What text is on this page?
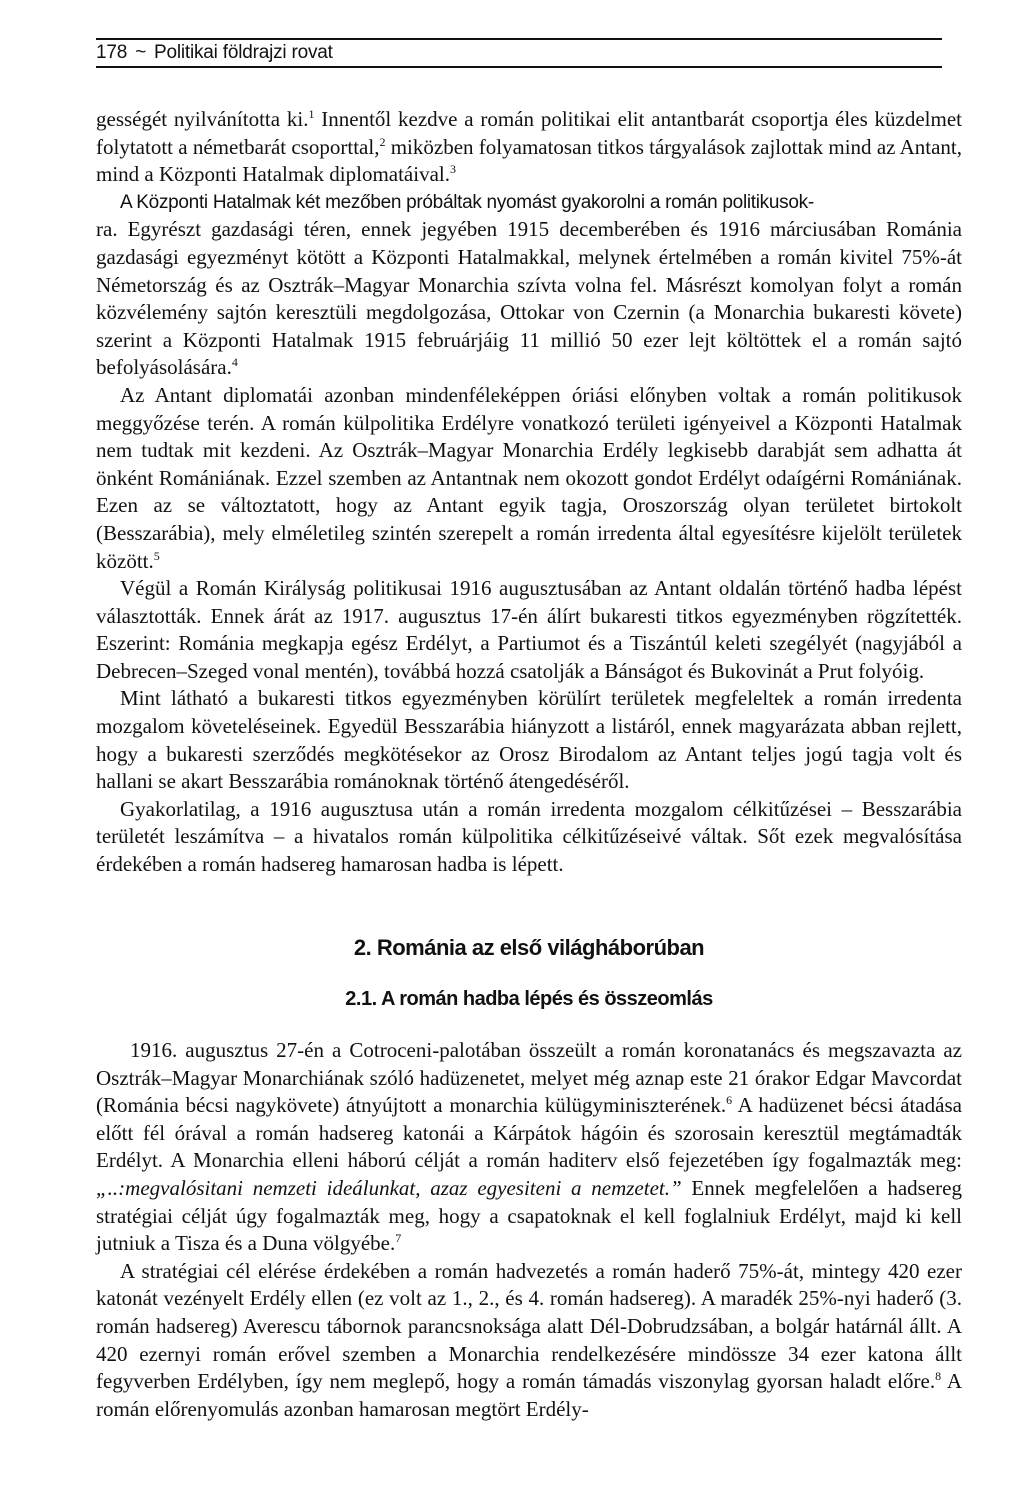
178 ~ Politikai földrajzi rovat

gességét nyilvánította ki.$^1$ Innentől kezdve a román politikai elit antantbarát csoportja éles küzdelmet folytatott a németbarát csoporttal,$^2$ miközben folyamatosan titkos tárgyalások zajlottak mind az Antant, mind a Központi Hatalmak diplomatáival.$^3$

A Központi Hatalmak két mezőben próbáltak nyomást gyakorolni a román politikusok-

ra. Egyrészt gazdasági téren, ennek jegyében 1915 decemberében és 1916 márciusában Románia gazdasági egyezményt kötött a Központi Hatalmakkal, melynek értelmében a román kivitel 75%-át Németország és az Osztrák–Magyar Monarchia szívta volna fel. Másrészt komolyan folyt a román közvélemény sajtón keresztüli megdolgozása, Ottokar von Czernin (a Monarchia bukaresti követe) szerint a Központi Hatalmak 1915 februárjáig 11 millió 50 ezer lejt költöttek el a román sajtó befolyásolására.$^4$

Az Antant diplomatái azonban mindenféleképpen óriási előnyben voltak a román politikusok meggyőzése terén. A román külpolitika Erdélyre vonatkozó területi igényeivel a Központi Hatalmak nem tudtak mit kezdeni. Az Osztrák–Magyar Monarchia Erdély legkisebb darabját sem adhatta át önként Romániának. Ezzel szemben az Antantnak nem okozott gondot Erdélyt odaígérni Romániának. Ezen az se változtatott, hogy az Antant egyik tagja, Oroszország olyan területet birtokolt (Besszarábia), mely elméletileg szintén szerepelt a román irredenta által egyesítésre kijelölt területek között.$^5$

Végül a Román Királyság politikusai 1916 augusztusában az Antant oldalán történő hadba lépést választották. Ennek árát az 1917. augusztus 17-én álírt bukaresti titkos egyezményben rögzítették. Eszerint: Románia megkapja egész Erdélyt, a Partiumot és a Tiszántúl keleti szegélyét (nagyjából a Debrecen–Szeged vonal mentén), továbbá hozzá csatolják a Bánságot és Bukovinát a Prut folyóig.

Mint látható a bukaresti titkos egyezményben körülírt területek megfeleltek a román irredenta mozgalom követeléseinek. Egyedül Besszarábia hiányzott a listáról, ennek magyarázata abban rejlett, hogy a bukaresti szerződés megkötésekor az Orosz Birodalom az Antant teljes jogú tagja volt és hallani se akart Besszarábia románoknak történő átengedéséről.

Gyakorlatilag, a 1916 augusztusa után a román irredenta mozgalom célkitűzései – Besszarábia területét leszámítva – a hivatalos román külpolitika célkitűzéseivé váltak. Sőt ezek megvalósítása érdekében a román hadsereg hamarosan hadba is lépett.

2. Románia az első világháborúban
2.1. A román hadba lépés és összeomlás

1916. augusztus 27-én a Cotroceni-palotában összeült a román koronatanács és megszavazta az Osztrák–Magyar Monarchiának szóló hadüzenetet, melyet még aznap este 21 órakor Edgar Mavcordat (Románia bécsi nagykövete) átnyújtott a monarchia külügyminiszterének.$^6$ A hadüzenet bécsi átadása előtt fél órával a román hadsereg katonái a Kárpátok hágóin és szorosain keresztül megtámadták Erdélyt. A Monarchia elleni háború célját a román haditerv első fejezetében így fogalmazták meg: „..:megvalósitani nemzeti ideálunkat, azaz egyesiteni a nemzetet.” Ennek megfelelően a hadsereg stratégiai célját úgy fogalmazták meg, hogy a csapatoknak el kell foglalniuk Erdélyt, majd ki kell jutniuk a Tisza és a Duna völgyébe.$^7$

A stratégiai cél elérése érdekében a román hadvezetés a román haderő 75%-át, mintegy 420 ezer katonát vezényelt Erdély ellen (ez volt az 1., 2., és 4. román hadsereg). A maradék 25%-nyi haderő (3. román hadsereg) Averescu tábornok parancsnoksága alatt Dél-Dobrudzsában, a bolgár határnál állt. A 420 ezernyi román erővel szemben a Monarchia rendelkezésére mindössze 34 ezer katona állt fegyverben Erdélyben, így nem meglepő, hogy a román támadás viszonylag gyorsan haladt előre.$^8$ A román előrenyomulás azonban hamarosan megtört Erdély-
